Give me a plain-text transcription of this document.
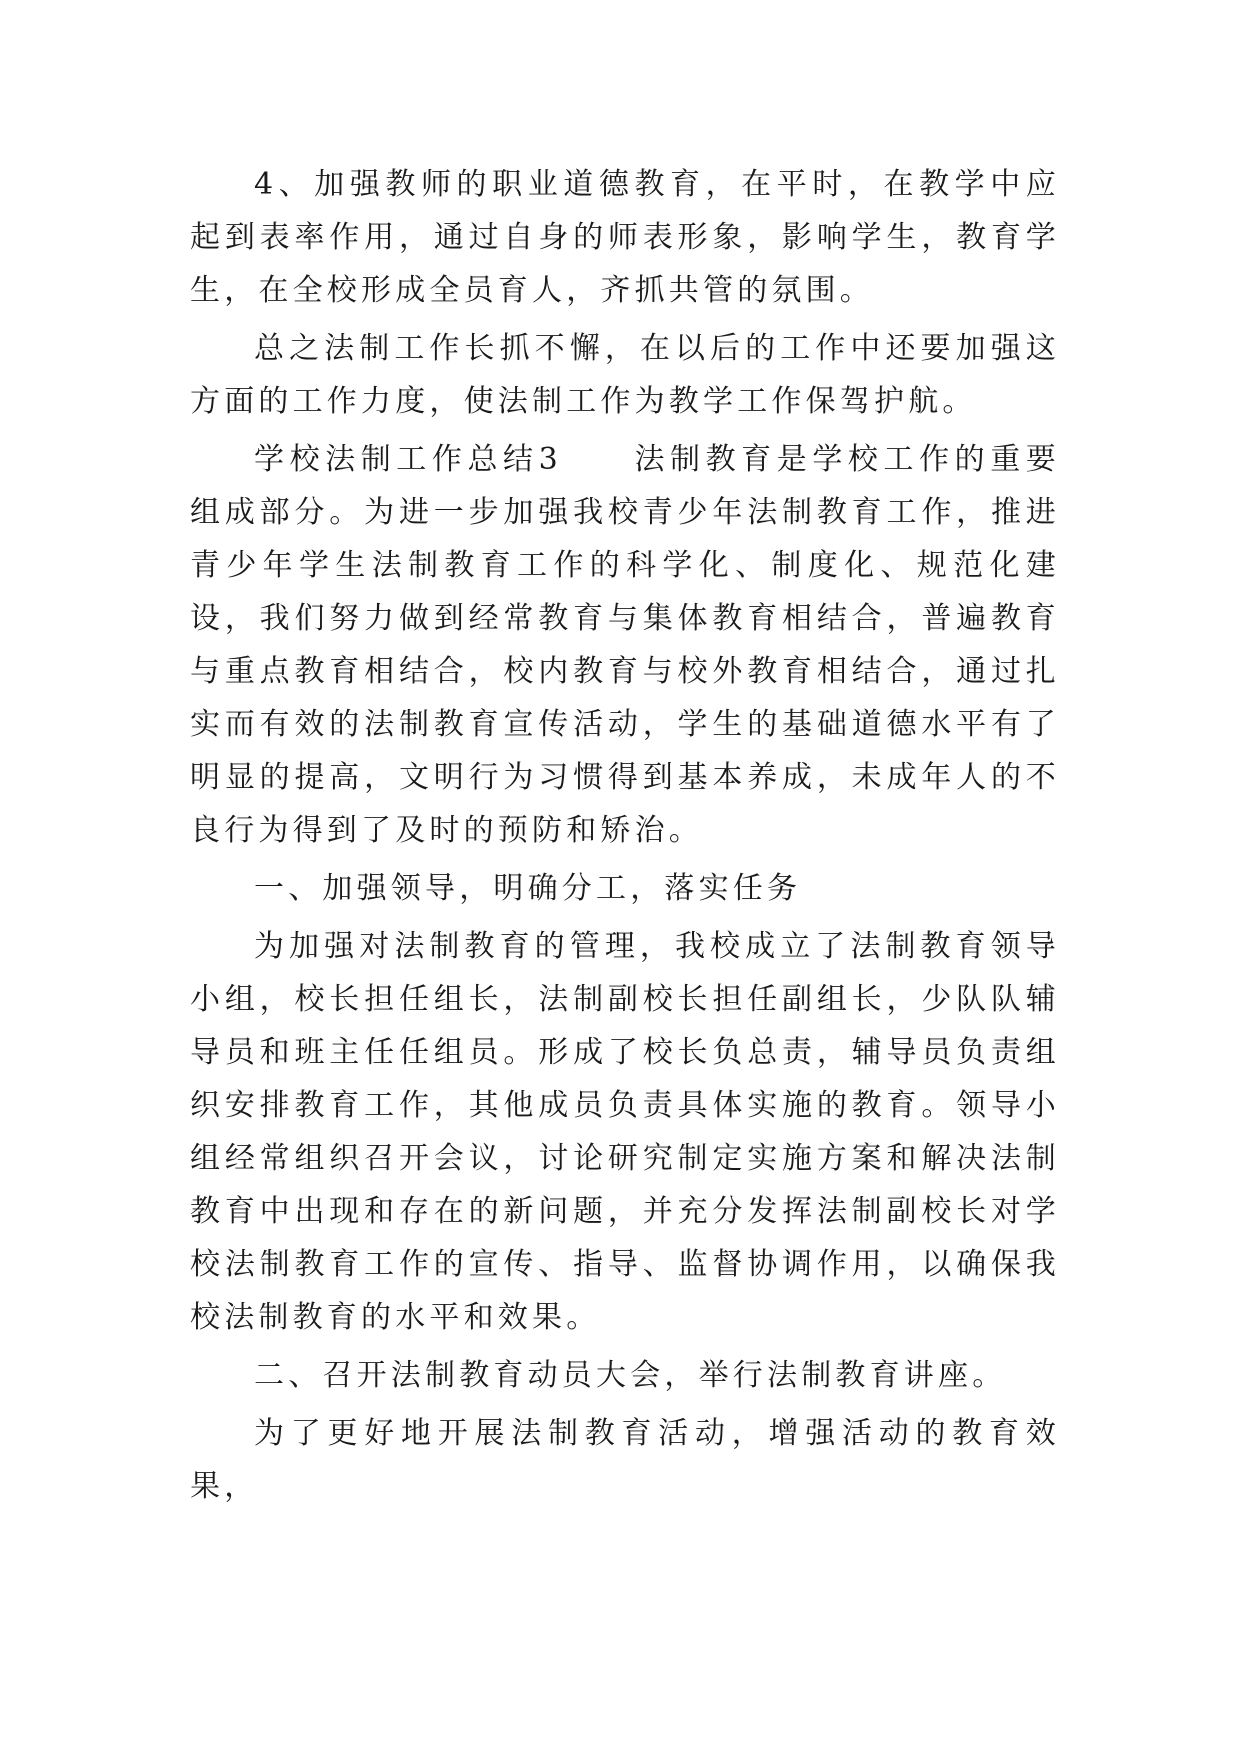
4、加强教师的职业道德教育，在平时，在教学中应起到表率作用，通过自身的师表形象，影响学生，教育学生，在全校形成全员育人，齐抓共管的氛围。

总之法制工作长抓不懈，在以后的工作中还要加强这方面的工作力度，使法制工作为教学工作保驾护航。

学校法制工作总结3　　法制教育是学校工作的重要组成部分。为进一步加强我校青少年法制教育工作，推进青少年学生法制教育工作的科学化、制度化、规范化建设，我们努力做到经常教育与集体教育相结合，普遍教育与重点教育相结合，校内教育与校外教育相结合，通过扎实而有效的法制教育宣传活动，学生的基础道德水平有了明显的提高，文明行为习惯得到基本养成，未成年人的不良行为得到了及时的预防和矫治。

一、加强领导，明确分工，落实任务

为加强对法制教育的管理，我校成立了法制教育领导小组，校长担任组长，法制副校长担任副组长，少队队辅导员和班主任任组员。形成了校长负总责，辅导员负责组织安排教育工作，其他成员负责具体实施的教育。领导小组经常组织召开会议，讨论研究制定实施方案和解决法制教育中出现和存在的新问题，并充分发挥法制副校长对学校法制教育工作的宣传、指导、监督协调作用，以确保我校法制教育的水平和效果。

二、召开法制教育动员大会，举行法制教育讲座。

为了更好地开展法制教育活动，增强活动的教育效果，
